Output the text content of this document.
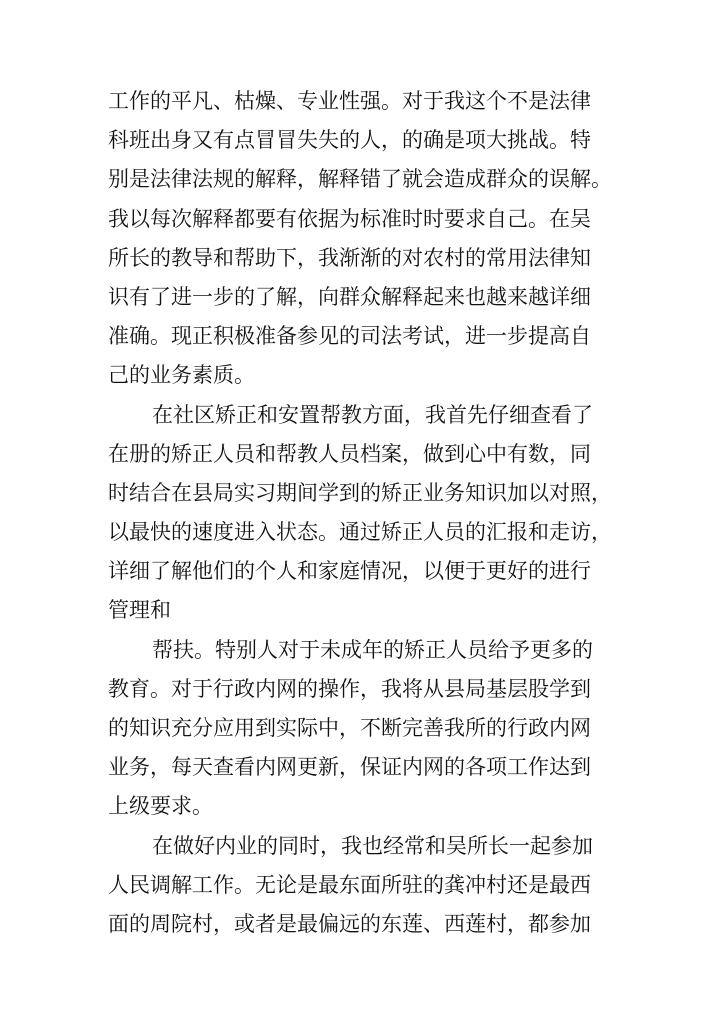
工作的平凡、枯燥、专业性强。对于我这个不是法律
科班出身又有点冒冒失失的人，的确是项大挑战。特
别是法律法规的解释，解释错了就会造成群众的误解。
我以每次解释都要有依据为标准时时要求自己。在吴
所长的教导和帮助下，我渐渐的对农村的常用法律知
识有了进一步的了解，向群众解释起来也越来越详细
准确。现正积极准备参见的司法考试，进一步提高自
己的业务素质。
在社区矫正和安置帮教方面，我首先仔细查看了
在册的矫正人员和帮教人员档案，做到心中有数，同
时结合在县局实习期间学到的矫正业务知识加以对照，
以最快的速度进入状态。通过矫正人员的汇报和走访，
详细了解他们的个人和家庭情况，以便于更好的进行
管理和
帮扶。特别人对于未成年的矫正人员给予更多的
教育。对于行政内网的操作，我将从县局基层股学到
的知识充分应用到实际中，不断完善我所的行政内网
业务，每天查看内网更新，保证内网的各项工作达到
上级要求。
在做好内业的同时，我也经常和吴所长一起参加
人民调解工作。无论是最东面所驻的龚冲村还是最西
面的周院村，或者是最偏远的东莲、西莲村，都参加
